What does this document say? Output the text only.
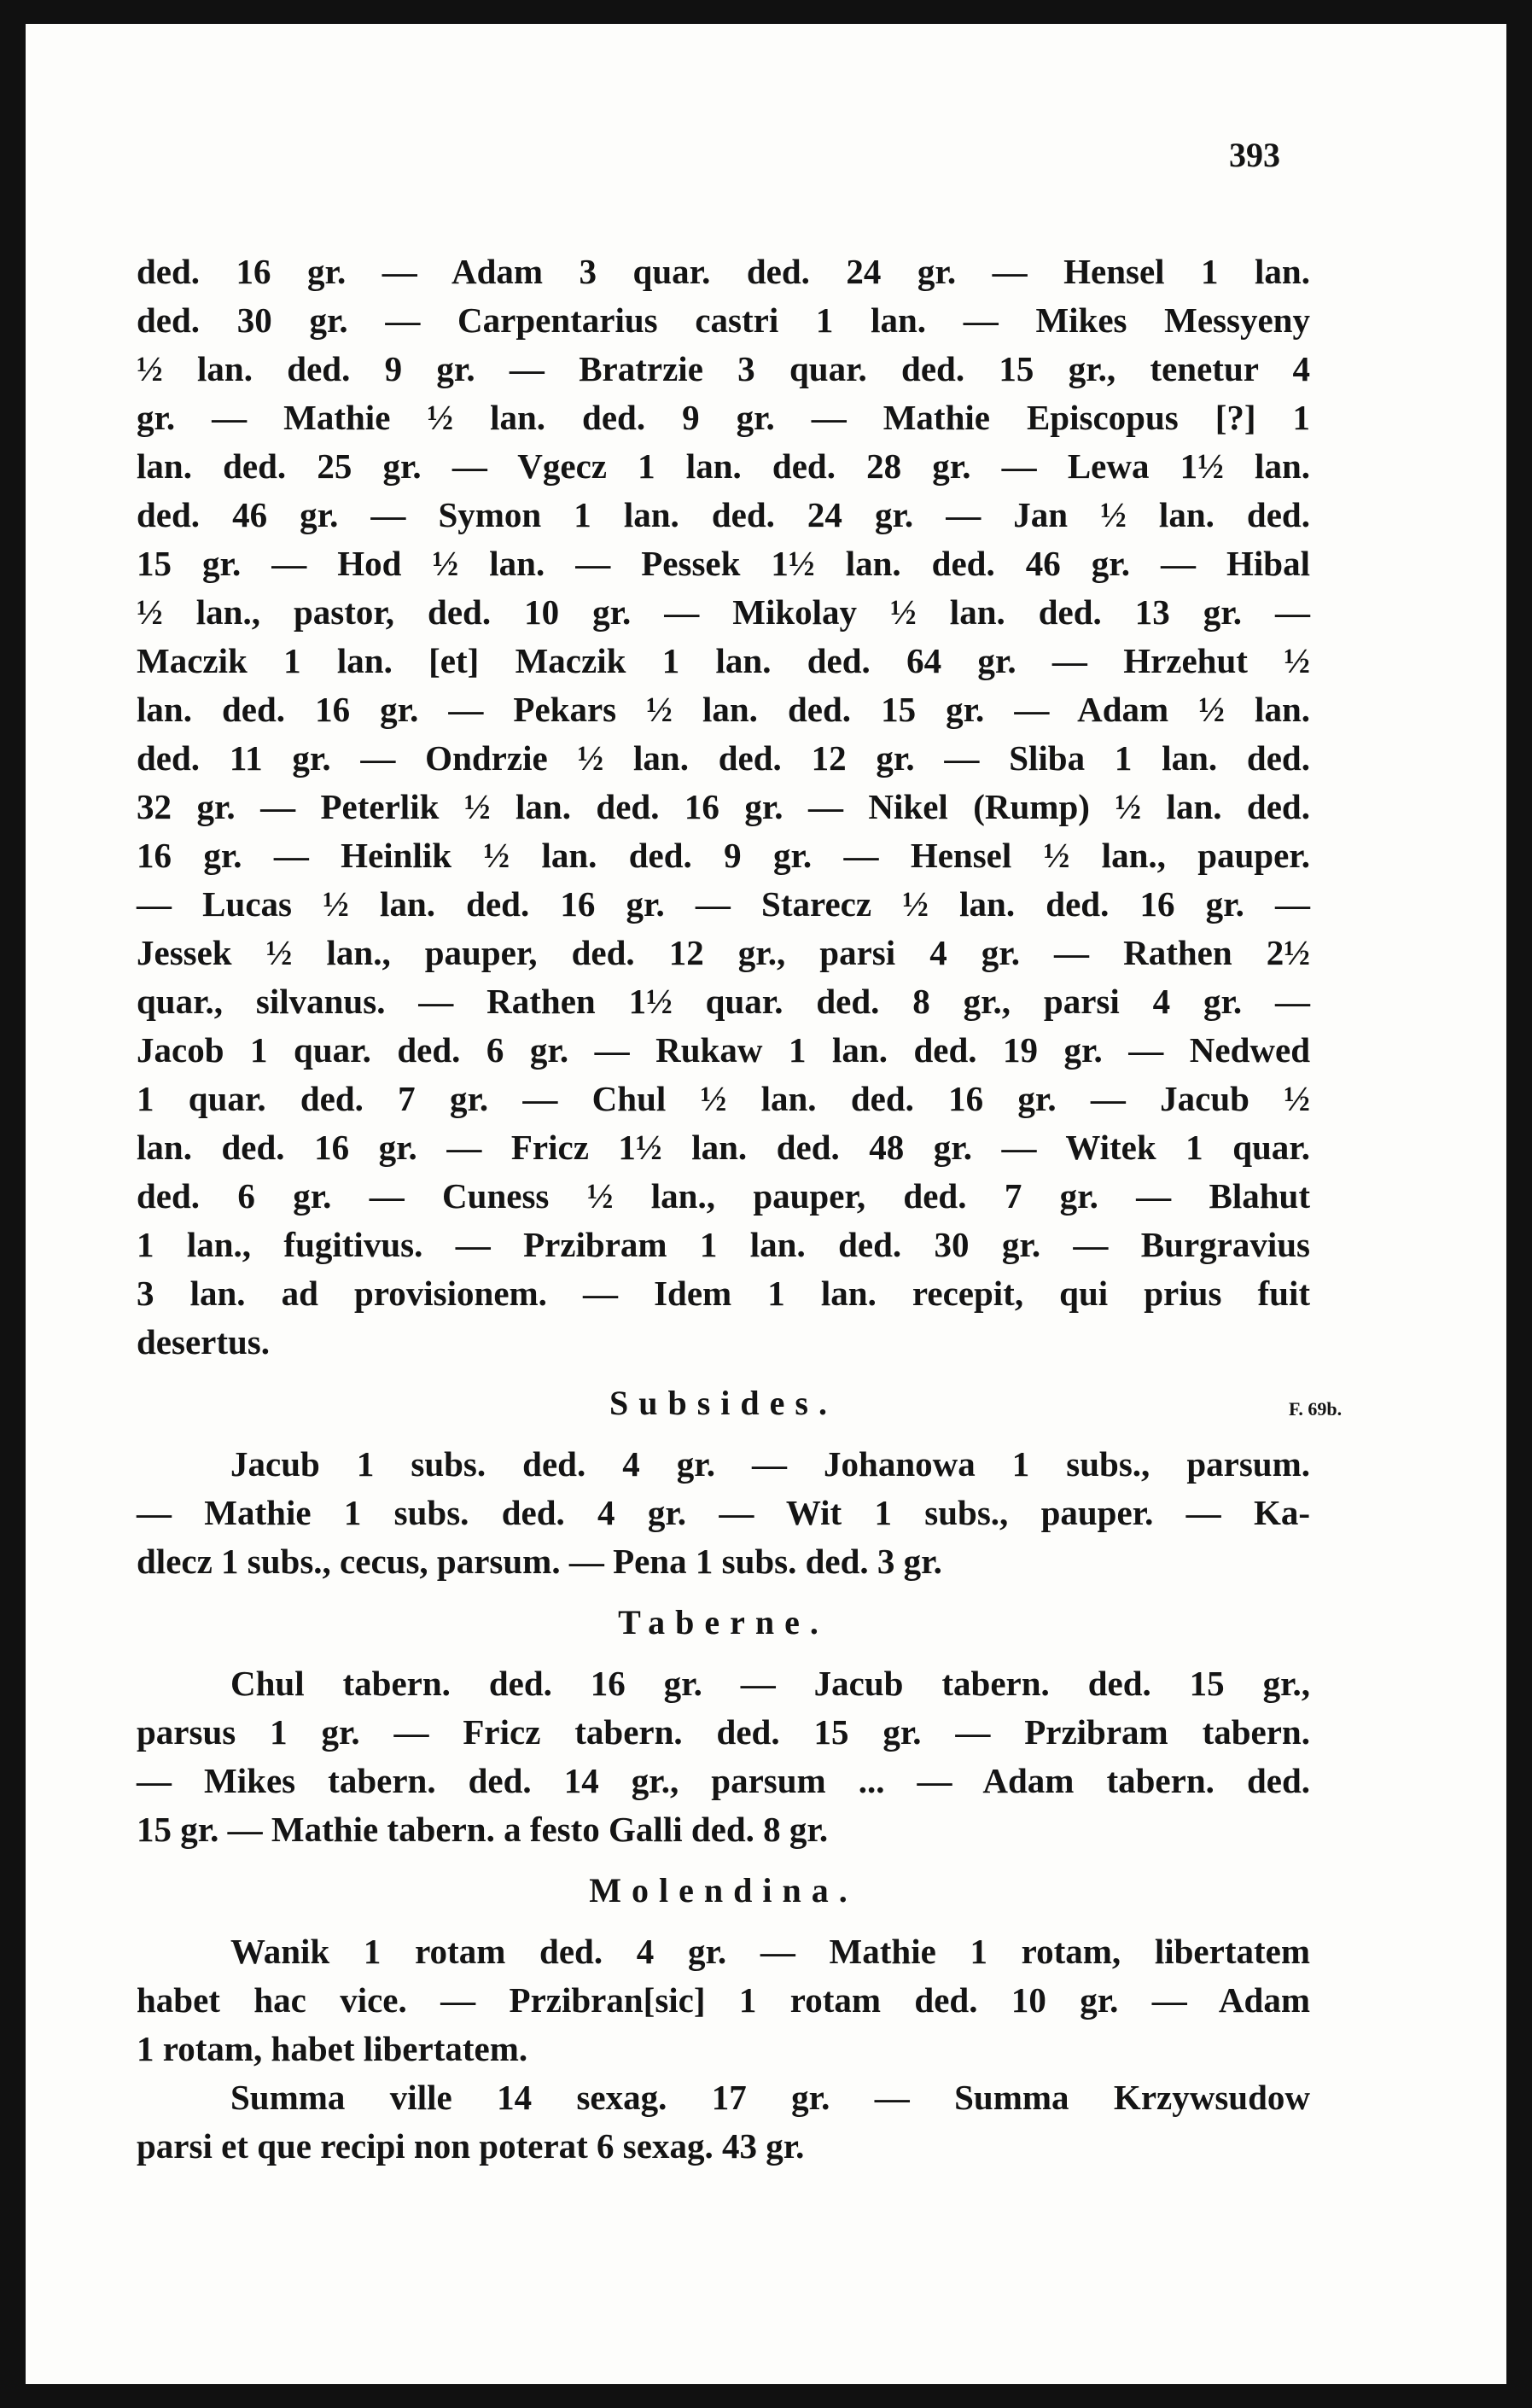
393
F. 69b.

ded. 16 gr. — Adam 3 quar. ded. 24 gr. — Hensel 1 lan.

ded. 30 gr. — Carpentarius castri 1 lan. — Mikes Messyeny

½ lan. ded. 9 gr. — Bratrzie 3 quar. ded. 15 gr., tenetur 4

gr. — Mathie ½ lan. ded. 9 gr. — Mathie Episcopus [?] 1

lan. ded. 25 gr. — Vgecz 1 lan. ded. 28 gr. — Lewa 1½ lan.

ded. 46 gr. — Symon 1 lan. ded. 24 gr. — Jan ½ lan. ded.

15 gr. — Hod ½ lan. — Pessek 1½ lan. ded. 46 gr. — Hibal

½ lan., pastor, ded. 10 gr. — Mikolay ½ lan. ded. 13 gr. —

Maczik 1 lan. [et] Maczik 1 lan. ded. 64 gr. — Hrzehut ½

lan. ded. 16 gr. — Pekars ½ lan. ded. 15 gr. — Adam ½ lan.

ded. 11 gr. — Ondrzie ½ lan. ded. 12 gr. — Sliba 1 lan. ded.

32 gr. — Peterlik ½ lan. ded. 16 gr. — Nikel (Rump) ½ lan. ded.

16 gr. — Heinlik ½ lan. ded. 9 gr. — Hensel ½ lan., pauper.

— Lucas ½ lan. ded. 16 gr. — Starecz ½ lan. ded. 16 gr. —

Jessek ½ lan., pauper, ded. 12 gr., parsi 4 gr. — Rathen 2½

quar., silvanus. — Rathen 1½ quar. ded. 8 gr., parsi 4 gr. —

Jacob 1 quar. ded. 6 gr. — Rukaw 1 lan. ded. 19 gr. — Nedwed

1 quar. ded. 7 gr. — Chul ½ lan. ded. 16 gr. — Jacub ½

lan. ded. 16 gr. — Fricz 1½ lan. ded. 48 gr. — Witek 1 quar.

ded. 6 gr. — Cuness ½ lan., pauper, ded. 7 gr. — Blahut

1 lan., fugitivus. — Przibram 1 lan. ded. 30 gr. — Burgravius

3 lan. ad provisionem. — Idem 1 lan. recepit, qui prius fuit

desertus.

Subsides.

Jacub 1 subs. ded. 4 gr. — Johanowa 1 subs., parsum.

— Mathie 1 subs. ded. 4 gr. — Wit 1 subs., pauper. — Ka-

dlecz 1 subs., cecus, parsum. — Pena 1 subs. ded. 3 gr.

Taberne.

Chul tabern. ded. 16 gr. — Jacub tabern. ded. 15 gr.,

parsus 1 gr. — Fricz tabern. ded. 15 gr. — Przibram tabern.

— Mikes tabern. ded. 14 gr., parsum ... — Adam tabern. ded.

15 gr. — Mathie tabern. a festo Galli ded. 8 gr.

Molendina.

Wanik 1 rotam ded. 4 gr. — Mathie 1 rotam, libertatem

habet hac vice. — Przibran[sic] 1 rotam ded. 10 gr. — Adam

1 rotam, habet libertatem.

Summa ville 14 sexag. 17 gr. — Summa Krzywsudow

parsi et que recipi non poterat 6 sexag. 43 gr.
